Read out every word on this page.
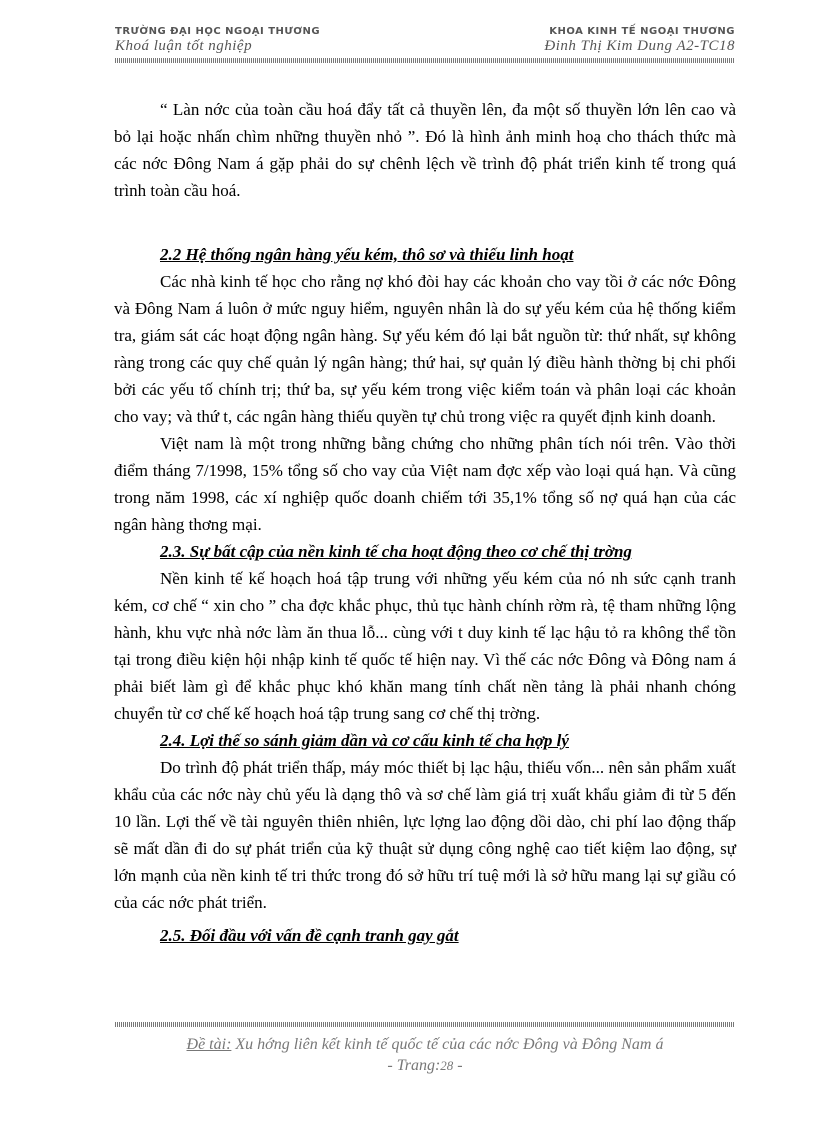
TRƯỜNG ĐẠI HỌC NGOẠI THƯƠNG
Khoá luận tốt nghiệp
KHOA KINH TẾ NGOẠI THƯƠNG
Đinh Thị Kim Dung A2-TC18

“ Làn nớc của toàn cầu hoá đẩy tất cả thuyền lên, đa một số thuyền lớn lên cao và bỏ lại hoặc nhấn chìm những thuyền nhỏ ”. Đó là hình ảnh minh hoạ cho thách thức mà các nớc Đông Nam á gặp phải do sự chênh lệch về trình độ phát triển kinh tế trong quá trình toàn cầu hoá.

2.2 Hệ thống ngân hàng yếu kém, thô sơ và thiếu linh hoạt

Các nhà kinh tế học cho rằng nợ khó đòi hay các khoản cho vay tồi ở các nớc Đông và Đông Nam á luôn ở mức nguy hiểm, nguyên nhân là do sự yếu kém của hệ thống kiểm tra, giám sát các hoạt động ngân hàng. Sự yếu kém đó lại bắt nguồn từ: thứ nhất, sự không ràng trong các quy chế quản lý ngân hàng; thứ hai, sự quản lý điều hành thờng bị chi phối bởi các yếu tố chính trị; thứ ba, sự yếu kém trong việc kiểm toán và phân loại các khoản cho vay; và thứ t, các ngân hàng thiếu quyền tự chủ trong việc ra quyết định kinh doanh.

Việt nam là một trong những bằng chứng cho những phân tích nói trên. Vào thời điểm tháng 7/1998, 15% tổng số cho vay của Việt nam đợc xếp vào loại quá hạn. Và cũng trong năm 1998, các xí nghiệp quốc doanh chiếm tới 35,1% tổng số nợ quá hạn của các ngân hàng thơng mại.

2.3. Sự bất cập của nền kinh tế cha hoạt động theo cơ chế thị trờng

Nền kinh tế kế hoạch hoá tập trung với những yếu kém của nó nh sức cạnh tranh kém, cơ chế “ xin cho ” cha đợc khắc phục, thủ tục hành chính rờm rà, tệ tham những lộng hành, khu vực nhà nớc làm ăn thua lỗ... cùng với t duy kinh tế lạc hậu tỏ ra không thể tồn tại trong điều kiện hội nhập kinh tế quốc tế hiện nay. Vì thế các nớc Đông và Đông nam á phải biết làm gì để khắc phục khó khăn mang tính chất nền tảng là phải nhanh chóng chuyển từ cơ chế kế hoạch hoá tập trung sang cơ chế thị trờng.

2.4. Lợi thế so sánh giảm dần và cơ cấu kinh tế cha hợp lý

Do trình độ phát triển thấp, máy móc thiết bị lạc hậu, thiếu vốn... nên sản phẩm xuất khẩu của các nớc này chủ yếu là dạng thô và sơ chế làm giá trị xuất khẩu giảm đi từ 5 đến 10 lần. Lợi thế về tài nguyên thiên nhiên, lực lợng lao động dồi dào, chi phí lao động thấp sẽ mất dần đi do sự phát triển của kỹ thuật sử dụng công nghệ cao tiết kiệm lao động, sự lớn mạnh của nền kinh tế tri thức trong đó sở hữu trí tuệ mới là sở hữu mang lại sự giầu có của các nớc phát triển.

2.5. Đối đầu với vấn đề cạnh tranh gay gắt
Đề tài: Xu hớng liên kết kinh tế quốc tế của các nớc Đông và Đông Nam á
- Trang:28 -
